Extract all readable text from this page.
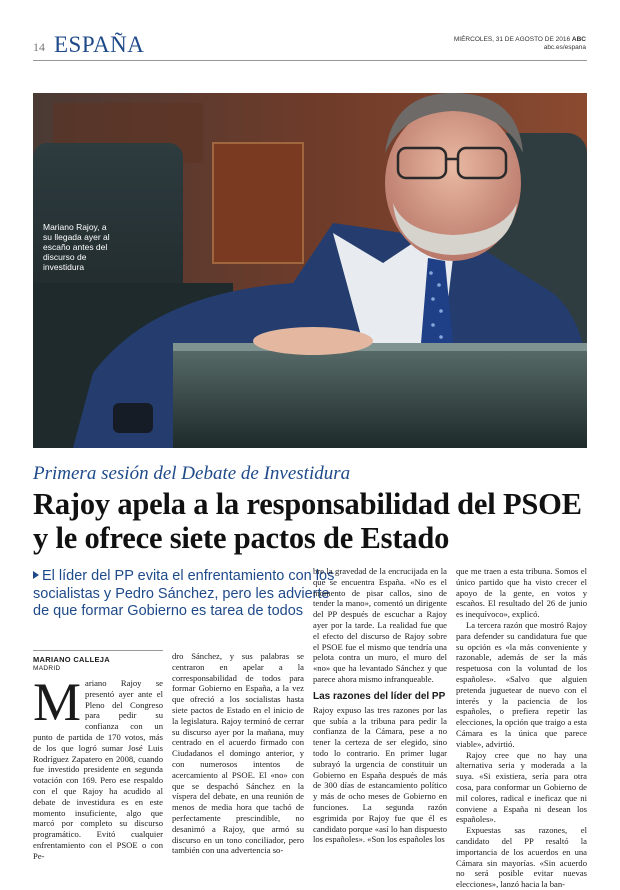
14 ESPAÑA	MIÉRCOLES, 31 DE AGOSTO DE 2016 ABC
abc.es/espana
Mariano Rajoy, a su llegada ayer al escaño antes del discurso de investidura
Primera sesión del Debate de Investidura
Rajoy apela a la responsabilidad del PSOE y le ofrece siete pactos de Estado
El líder del PP evita el enfrentamiento con los socialistas y Pedro Sánchez, pero les advierte de que formar Gobierno es tarea de todos
MARIANO CALLEJA
MADRID
Mariano Rajoy se presentó ayer ante el Pleno del Congreso para pedir su confianza con un punto de partida de 170 votos, más de los que logró sumar José Luis Rodríguez Zapatero en 2008, cuando fue investido presidente en segunda votación con 169. Pero ese respaldo con el que Rajoy ha acudido al debate de investidura es en este momento insuficiente, algo que marcó por completo su discurso programático. Evitó cualquier enfrentamiento con el PSOE o con Pe-

dro Sánchez, y sus palabras se centraron en apelar a la corresponsabilidad de todos para formar Gobierno en España, a la vez que ofreció a los socialistas hasta siete pactos de Estado en el inicio de la legislatura. Rajoy terminó de cerrar su discurso ayer por la mañana, muy centrado en el acuerdo firmado con Ciudadanos el domingo anterior, y con numerosos intentos de acercamiento al PSOE. El «no» con que se despachó Sánchez en la víspera del debate, en una reunión de menos de media hora que tachó de perfectamente prescindible, no desanimó a Rajoy, que armó su discurso en un tono conciliador, pero también con una advertencia so-

bre la gravedad de la encrucijada en la que se encuentra España. «No es el momento de pisar callos, sino de tender la mano», comentó un dirigente del PP después de escuchar a Rajoy ayer por la tarde. La realidad fue que el efecto del discurso de Rajoy sobre el PSOE fue el mismo que tendría una pelota contra un muro, el muro del «no» que ha levantado Sánchez y que parece ahora mismo infranqueable.

Las razones del líder del PP

Rajoy expuso las tres razones por las que subía a la tribuna para pedir la confianza de la Cámara, pese a no tener la certeza de ser elegido, sino todo lo contrario. En primer lugar subrayó la urgencia de constituir un Gobierno en España después de más de 300 días de estancamiento político y más de ocho meses de Gobierno en funciones. La segunda razón esgrimida por Rajoy fue que él es candidato porque «así lo han dispuesto los españoles». «Son los españoles los

que me traen a esta tribuna. Somos el único partido que ha visto crecer el apoyo de la gente, en votos y escaños. El resultado del 26 de junio es inequívoco», explicó.

La tercera razón que mostró Rajoy para defender su candidatura fue que su opción es «la más conveniente y razonable, además de ser la más respetuosa con la voluntad de los españoles». «Salvo que alguien pretenda juguetear de nuevo con el interés y la paciencia de los españoles, o prefiera repetir las elecciones, la opción que traigo a esta Cámara es la única que parece viable», advirtió.

Rajoy cree que no hay una alternativa seria y moderada a la suya. «Si existiera, sería para otra cosa, para conformar un Gobierno de mil colores, radical e ineficaz que ni conviene a España ni desean los españoles».

Expuestas sas razones, el candidato del PP resaltó la importancia de los acuerdos en una Cámara sin mayorías. «Sin acuerdo no será posible evitar nuevas elecciones», lanzó hacia la ban-
